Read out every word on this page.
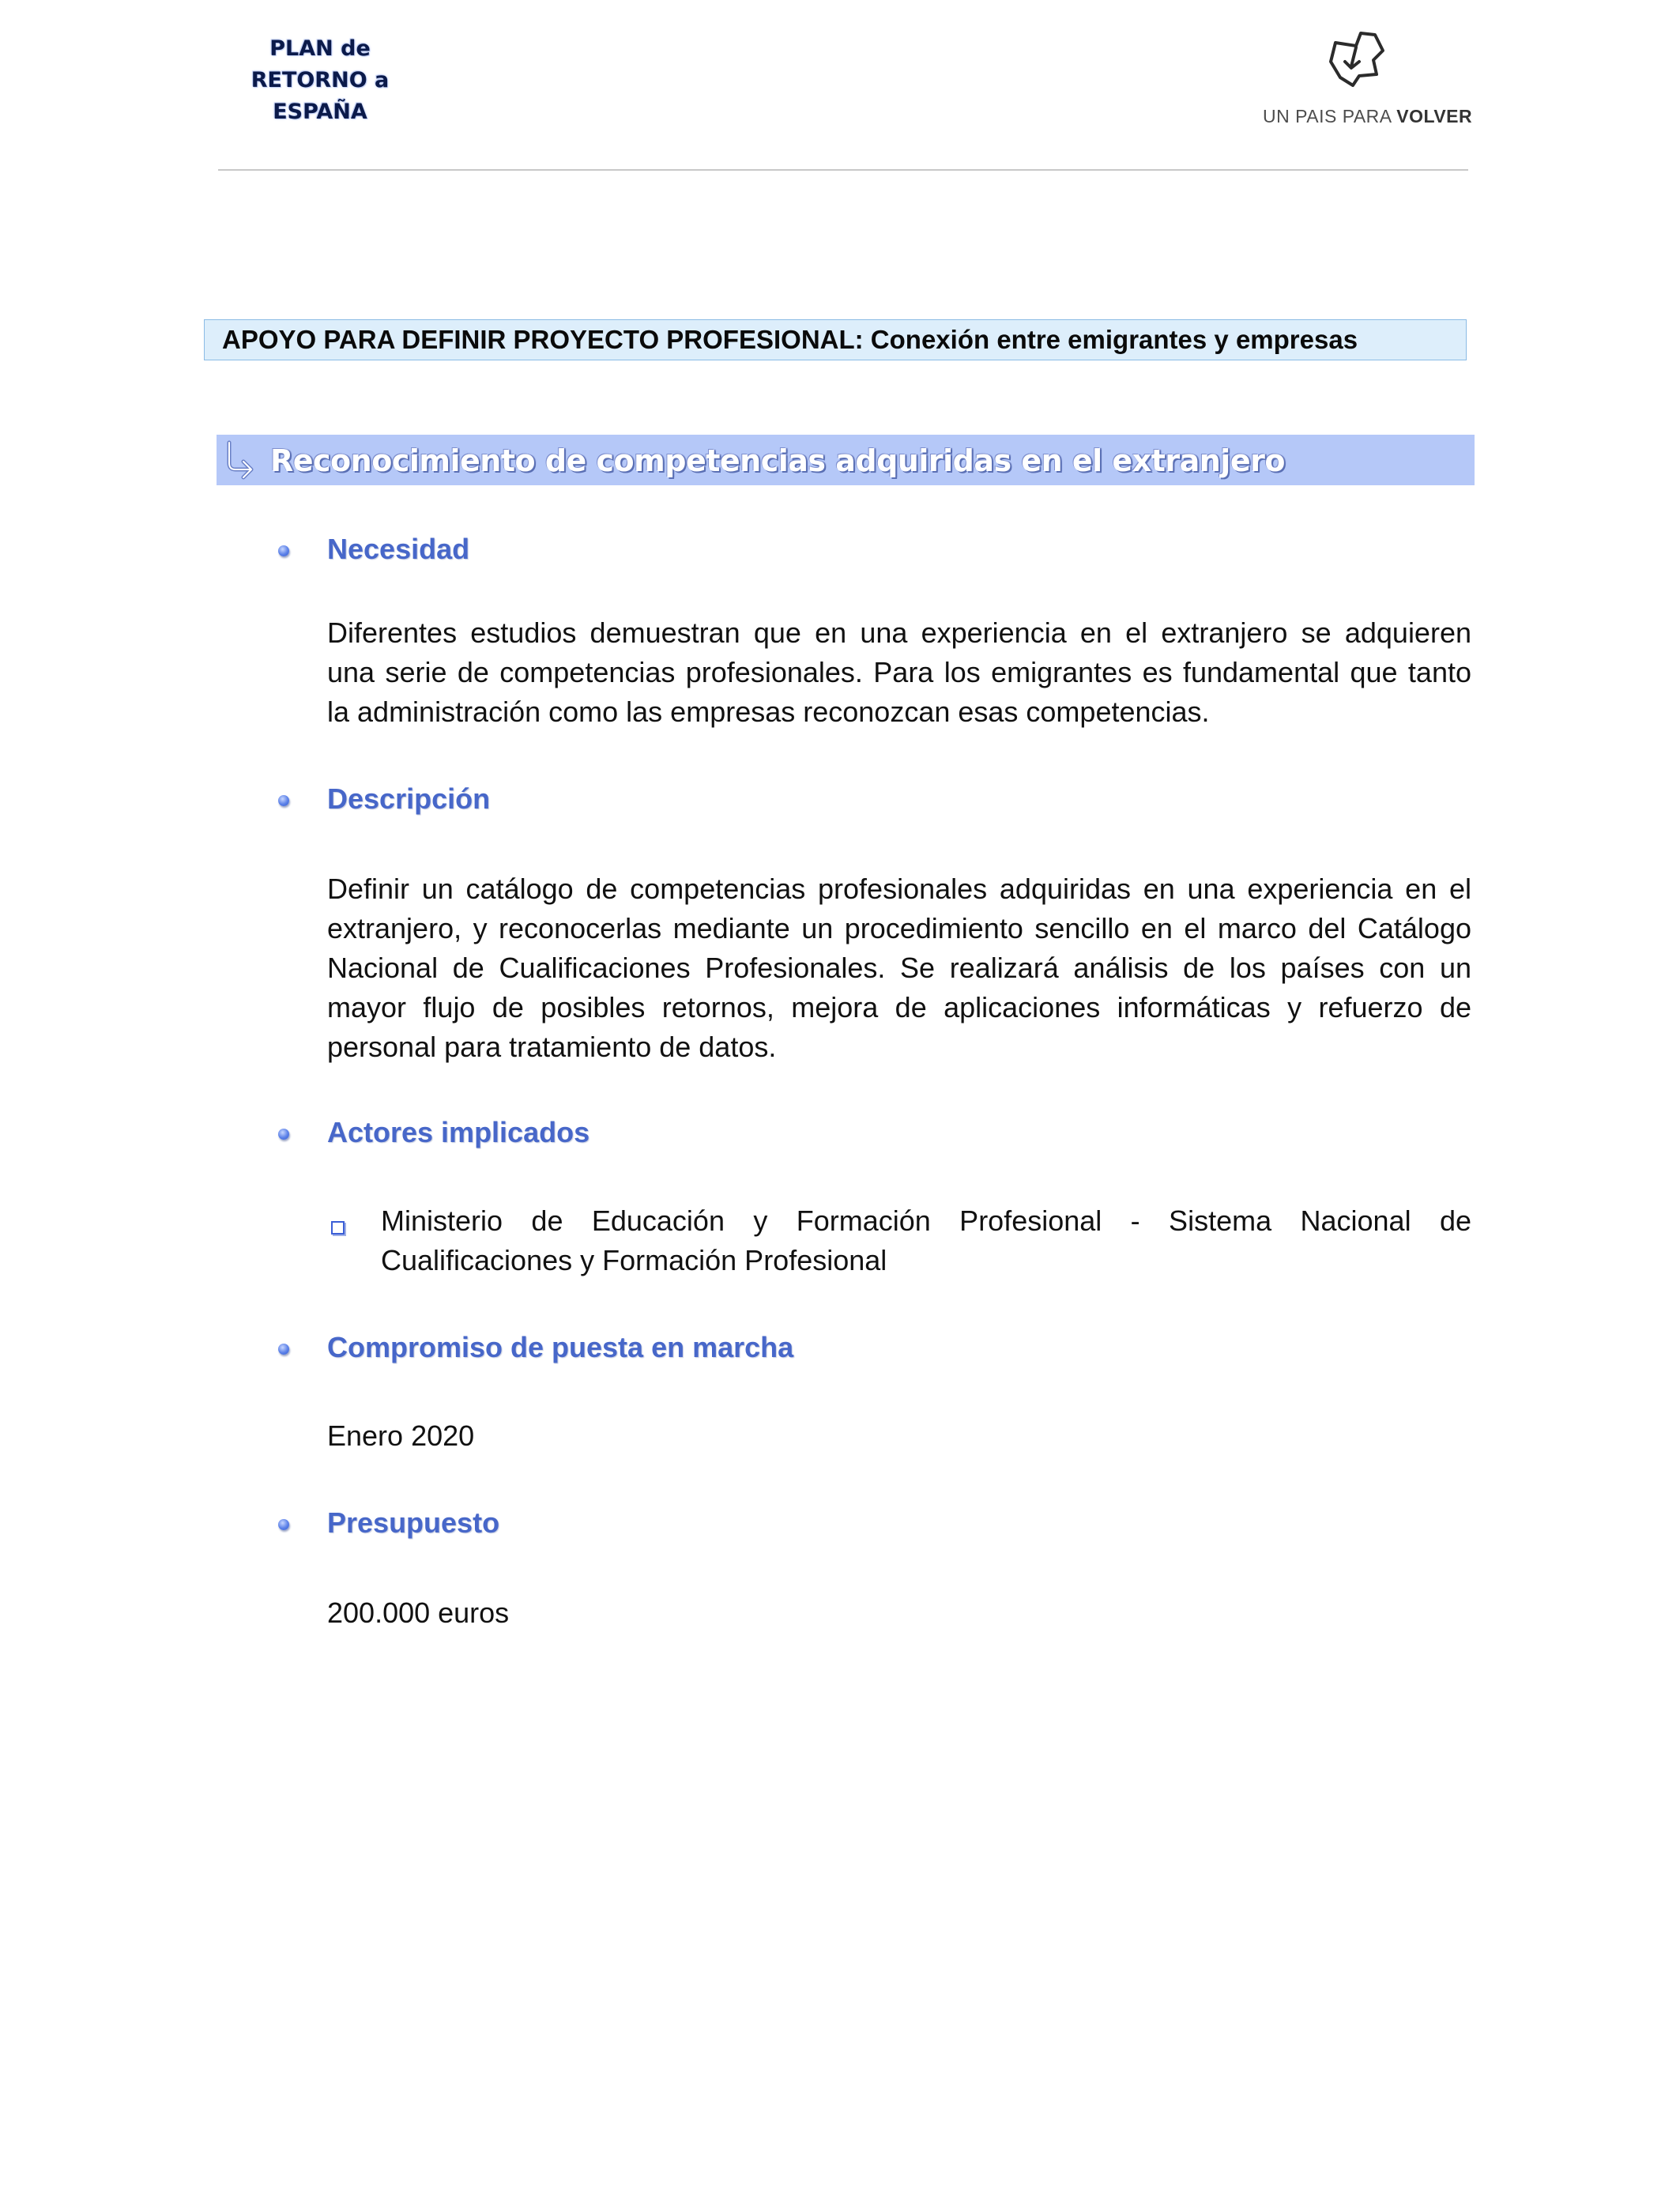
PLAN de
RETORNO a
ESPAÑA	UN PAIS PARA VOLVER
APOYO PARA DEFINIR PROYECTO PROFESIONAL: Conexión entre emigrantes y empresas
Reconocimiento de competencias adquiridas en el extranjero
Necesidad
Diferentes estudios demuestran que en una experiencia en el extranjero se adquieren
una serie de competencias profesionales. Para los emigrantes es fundamental que tanto
la administración como las empresas reconozcan esas competencias.
Descripción
Definir un catálogo de competencias profesionales adquiridas en una experiencia en el
extranjero, y reconocerlas mediante un procedimiento sencillo en el marco del Catálogo
Nacional de Cualificaciones Profesionales. Se realizará análisis de los países con un
mayor flujo de posibles retornos, mejora de aplicaciones informáticas y refuerzo de
personal para tratamiento de datos.
Actores implicados
Ministerio de Educación y Formación Profesional - Sistema Nacional de
Cualificaciones y Formación Profesional
Compromiso de puesta en marcha
Enero 2020
Presupuesto
200.000 euros
